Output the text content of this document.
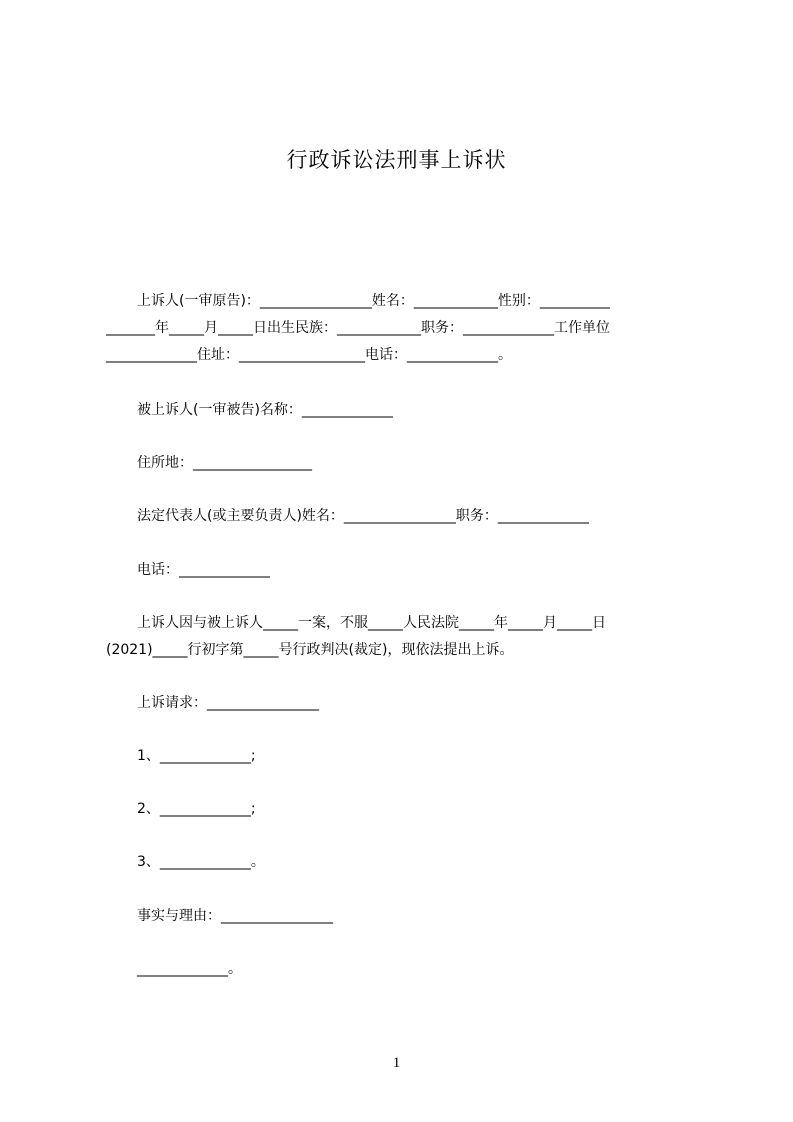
行政诉讼法刑事上诉状
上诉人(一审原告)：________________姓名：____________性别：__________
_______年_____月_____日出生民族：____________职务：_____________工作单位
_____________住址：__________________电话：_____________。
被上诉人(一审被告)名称：_____________
住所地：_________________
法定代表人(或主要负责人)姓名：________________职务：_____________
电话：_____________
上诉人因与被上诉人_____一案，不服_____人民法院_____年_____月_____日
(2021)_____行初字第_____号行政判决(裁定)，现依法提出上诉。
上诉请求：________________
1、_____________;
2、_____________;
3、_____________。
事实与理由：________________
_____________。
1
